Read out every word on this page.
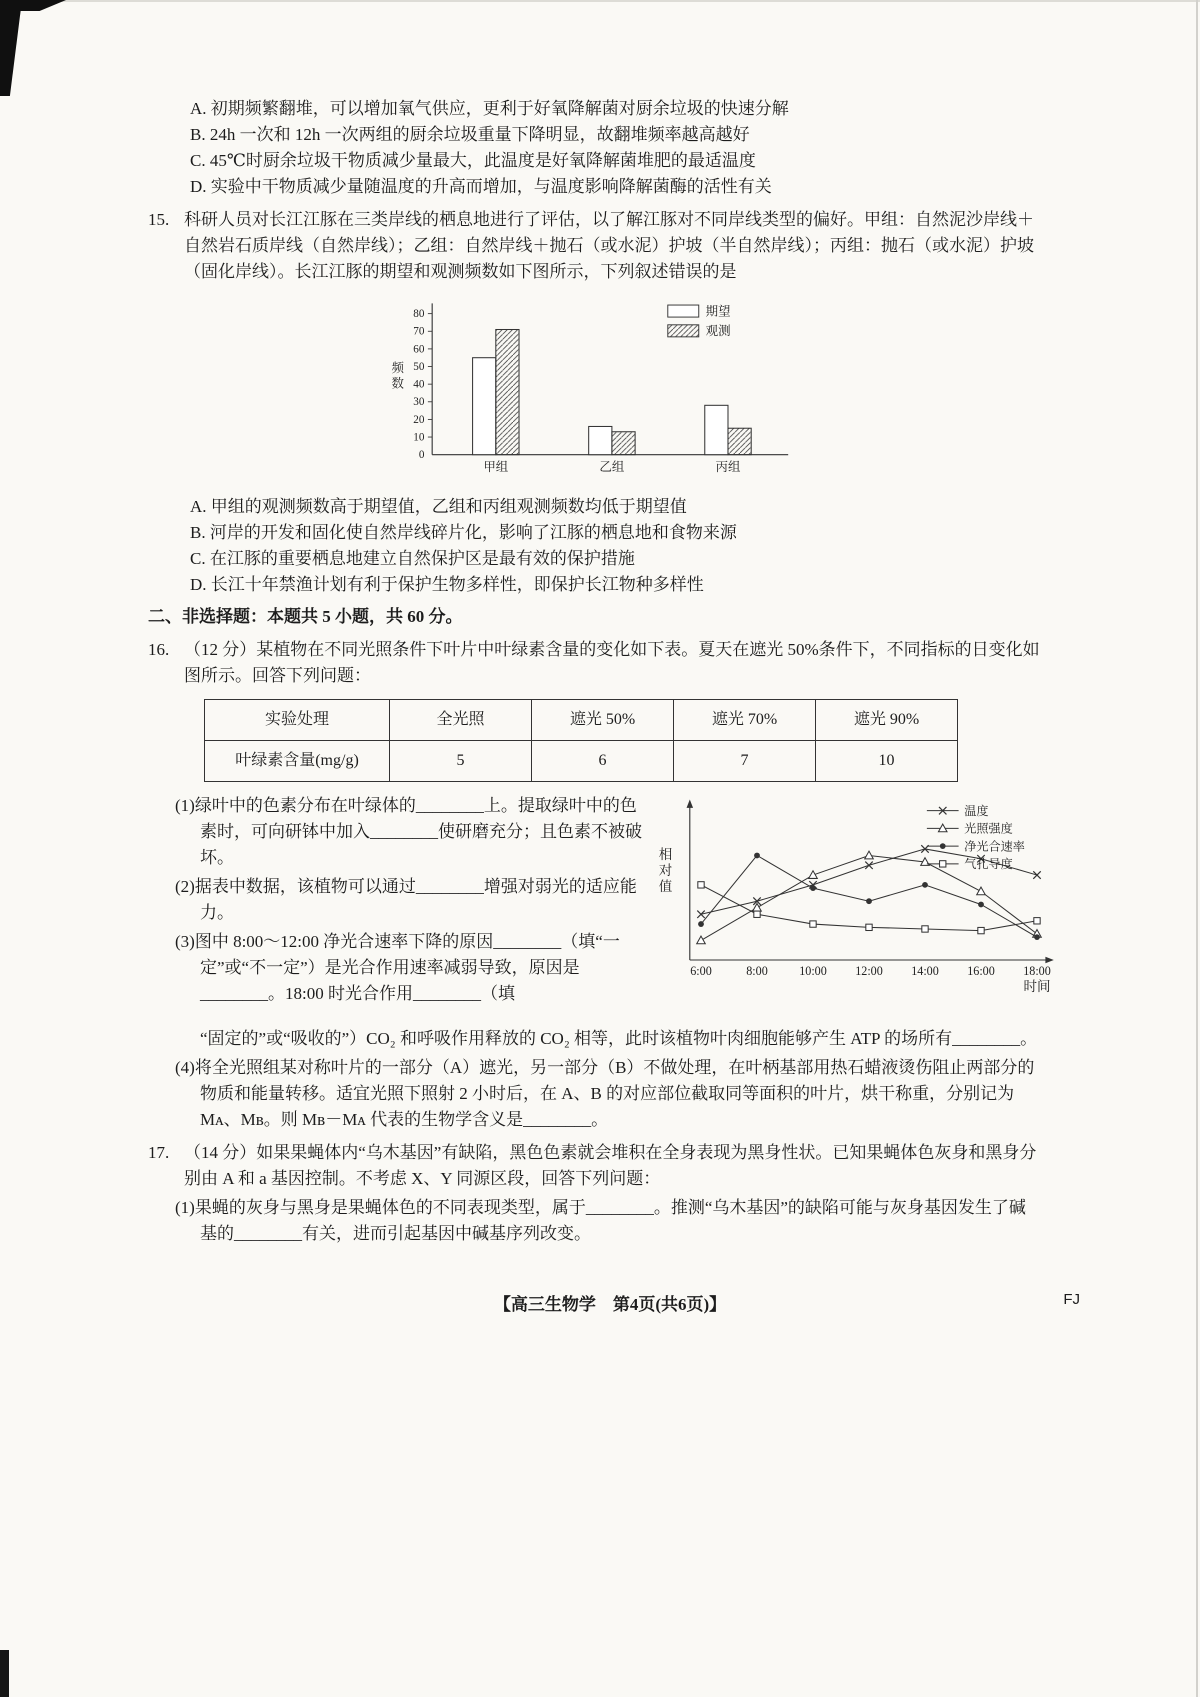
A. 初期频繁翻堆，可以增加氧气供应，更利于好氧降解菌对厨余垃圾的快速分解
B. 24h 一次和 12h 一次两组的厨余垃圾重量下降明显，故翻堆频率越高越好
C. 45℃时厨余垃圾干物质减少量最大，此温度是好氧降解菌堆肥的最适温度
D. 实验中干物质减少量随温度的升高而增加，与温度影响降解菌酶的活性有关
15. 科研人员对长江江豚在三类岸线的栖息地进行了评估，以了解江豚对不同岸线类型的偏好。甲组：自然泥沙岸线＋自然岩石质岸线（自然岸线）；乙组：自然岸线＋抛石（或水泥）护坡（半自然岸线）；丙组：抛石（或水泥）护坡（固化岸线）。长江江豚的期望和观测频数如下图所示，下列叙述错误的是
0
10
20
30
40
50
60
70
80
频
数
甲组	乙组	丙组
期望
观测
A. 甲组的观测频数高于期望值，乙组和丙组观测频数均低于期望值
B. 河岸的开发和固化使自然岸线碎片化，影响了江豚的栖息地和食物来源
C. 在江豚的重要栖息地建立自然保护区是最有效的保护措施
D. 长江十年禁渔计划有利于保护生物多样性，即保护长江物种多样性
二、非选择题：本题共 5 小题，共 60 分。
16. （12 分）某植物在不同光照条件下叶片中叶绿素含量的变化如下表。夏天在遮光 50%条件下，不同指标的日变化如图所示。回答下列问题：
实验处理	全光照	遮光 50%	遮光 70%	遮光 90%
叶绿素含量(mg/g)	5	6	7	10
(1)绿叶中的色素分布在叶绿体的________上。提取绿叶中的色素时，可向研钵中加入________使研磨充分；且色素不被破坏。
(2)据表中数据，该植物可以通过________增强对弱光的适应能力。
(3)图中 8:00～12:00 净光合速率下降的原因________（填“一定”或“不一定”）是光合作用速率减弱导致，原因是________。18:00 时光合作用________（填
6:00	8:00 10:00 12:00 14:00 16:00 18:00
时间
相
对
值
温度
光照强度
净光合速率
气孔导度
“固定的”或“吸收的”）CO₂ 和呼吸作用释放的 CO₂ 相等，此时该植物叶肉细胞能够产生 ATP 的场所有________。
(4)将全光照组某对称叶片的一部分（A）遮光，另一部分（B）不做处理，在叶柄基部用热石蜡液烫伤阻止两部分的物质和能量转移。适宜光照下照射 2 小时后，在 A、B 的对应部位截取同等面积的叶片，烘干称重，分别记为 Mᴀ、Mʙ。则 Mʙ－Mᴀ 代表的生物学含义是________。
17. （14 分）如果果蝇体内“乌木基因”有缺陷，黑色色素就会堆积在全身表现为黑身性状。已知果蝇体色灰身和黑身分别由 A 和 a 基因控制。不考虑 X、Y 同源区段，回答下列问题：
(1)果蝇的灰身与黑身是果蝇体色的不同表现类型，属于________。推测“乌木基因”的缺陷可能与灰身基因发生了碱基的________有关，进而引起基因中碱基序列改变。
【高三生物学　第4页(共6页)】	FJ
